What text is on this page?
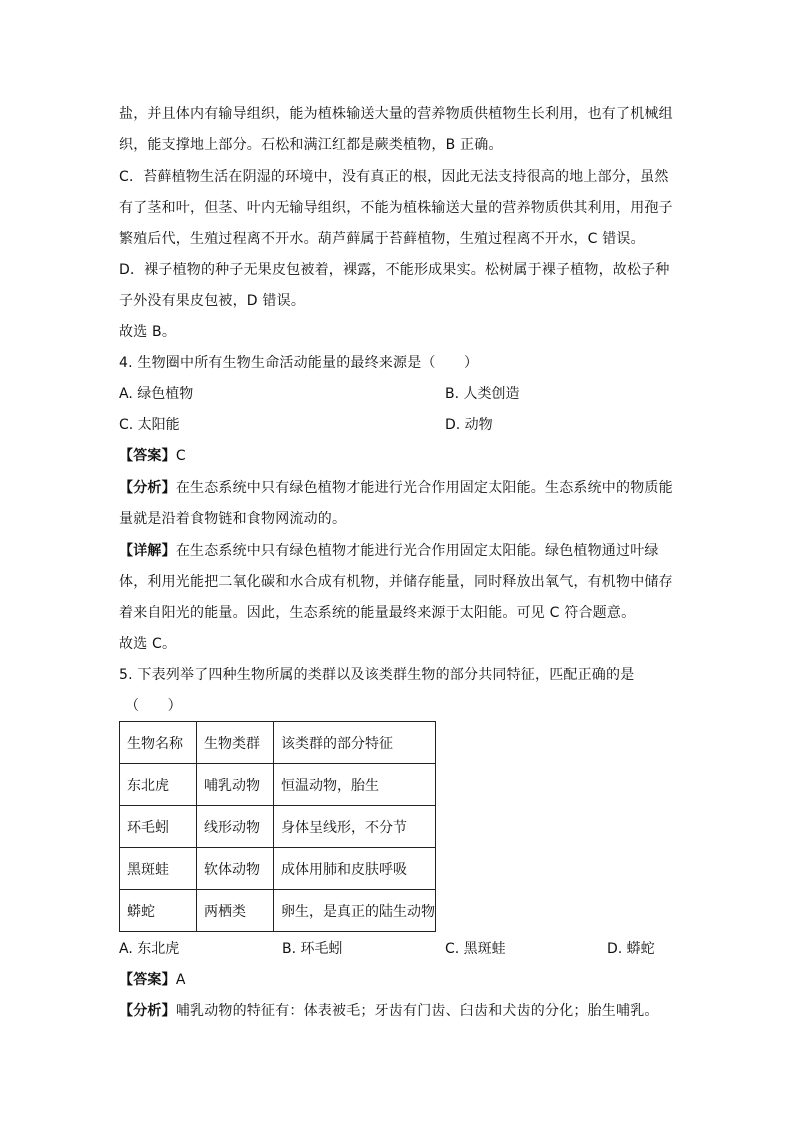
盐，并且体内有输导组织，能为植株输送大量的营养物质供植物生长利用，也有了机械组
织，能支撑地上部分。石松和满江红都是蕨类植物，B 正确。
C．苔藓植物生活在阴湿的环境中，没有真正的根，因此无法支持很高的地上部分，虽然
有了茎和叶，但茎、叶内无输导组织，不能为植株输送大量的营养物质供其利用，用孢子
繁殖后代，生殖过程离不开水。葫芦藓属于苔藓植物，生殖过程离不开水，C 错误。
D．裸子植物的种子无果皮包被着，裸露，不能形成果实。松树属于裸子植物，故松子种
子外没有果皮包被，D 错误。
故选 B。
4. 生物圈中所有生物生命活动能量的最终来源是（　　）
A. 绿色植物	B. 人类创造
C. 太阳能	D. 动物
【答案】C
【分析】在生态系统中只有绿色植物才能进行光合作用固定太阳能。生态系统中的物质能
量就是沿着食物链和食物网流动的。
【详解】在生态系统中只有绿色植物才能进行光合作用固定太阳能。绿色植物通过叶绿
体，利用光能把二氧化碳和水合成有机物，并储存能量，同时释放出氧气，有机物中储存
着来自阳光的能量。因此，生态系统的能量最终来源于太阳能。可见 C 符合题意。
故选 C。
5. 下表列举了四种生物所属的类群以及该类群生物的部分共同特征，匹配正确的是
（　　）
生物名称	生物类群	该类群的部分特征
东北虎	哺乳动物	恒温动物，胎生
环毛蚓	线形动物	身体呈线形，不分节
黑斑蛙	软体动物	成体用肺和皮肤呼吸
蟒蛇	两栖类	卵生，是真正的陆生动物
A. 东北虎	B. 环毛蚓	C. 黑斑蛙	D. 蟒蛇
【答案】A
【分析】哺乳动物的特征有：体表被毛；牙齿有门齿、臼齿和犬齿的分化；胎生哺乳。
